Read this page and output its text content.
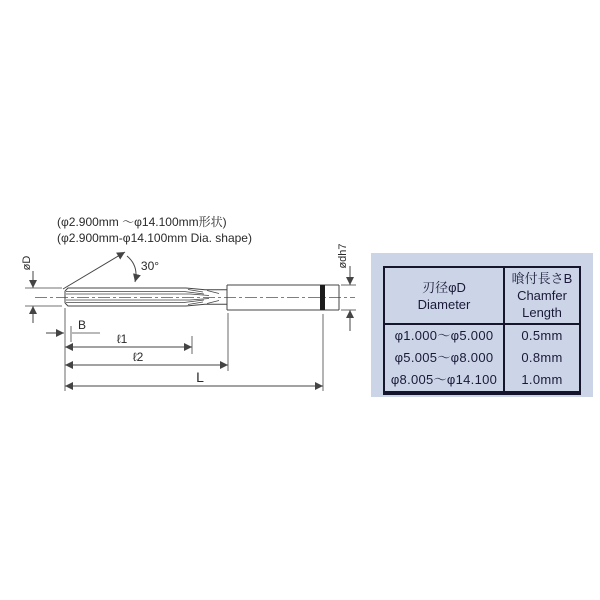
(φ2.900mm ～φ14.100mm形状)
(φ2.900mm-φ14.100mm Dia. shape)
30°
øD	ødh7
B
ℓ1
ℓ2
L
刃径φD
Diameter
喰付長さB
Chamfer
Length
φ1.000～φ5.000
φ5.005～φ8.000
φ8.005～φ14.100
0.5mm
0.8mm
1.0mm
